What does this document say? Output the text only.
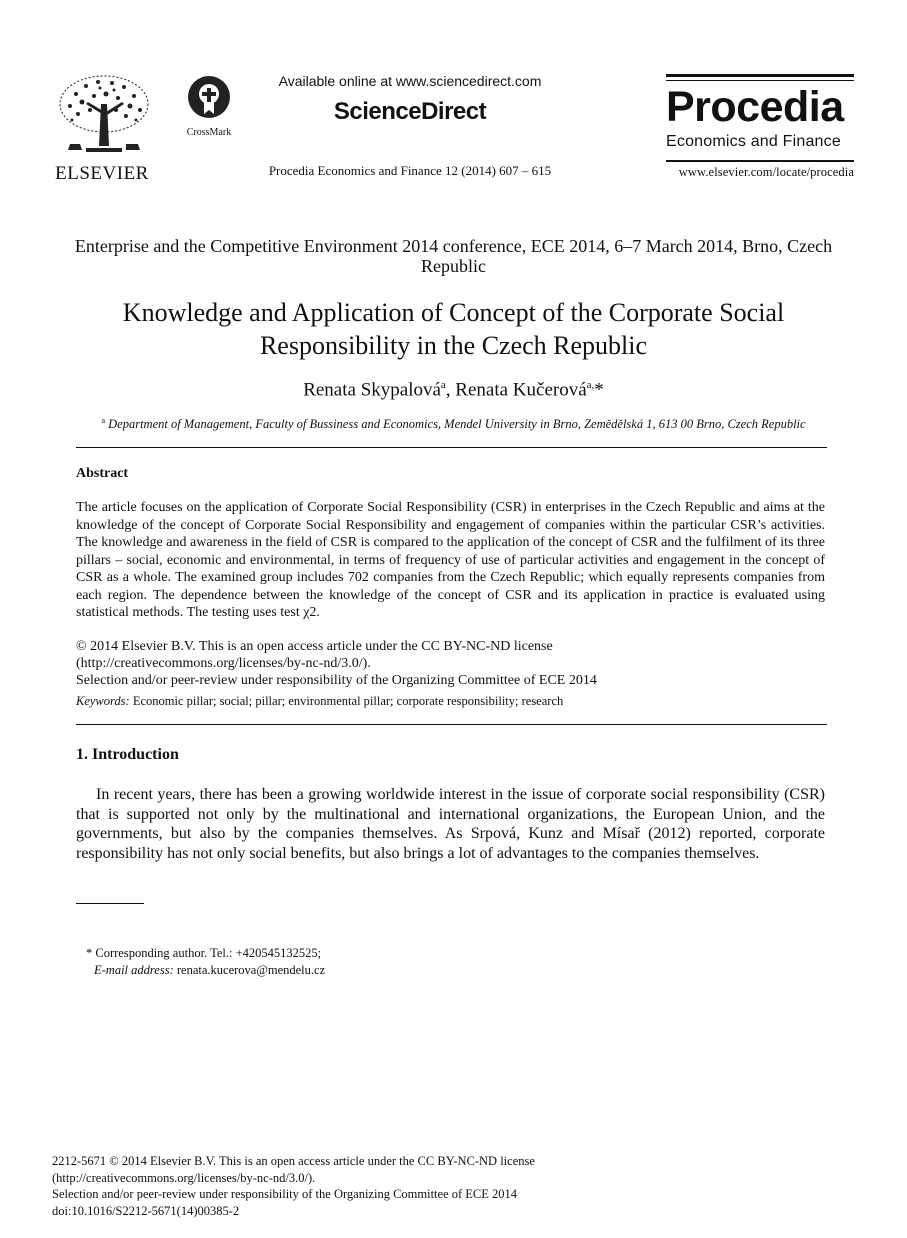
ELSEVIER
CrossMark
Available online at www.sciencedirect.com
ScienceDirect
Procedia Economics and Finance 12 (2014) 607 – 615
Procedia
Economics and Finance
www.elsevier.com/locate/procedia
Enterprise and the Competitive Environment 2014 conference, ECE 2014, 6–7 March 2014, Brno, Czech Republic
Knowledge and Application of Concept of the Corporate Social Responsibility in the Czech Republic
Renata Skypalová$^a$, Renata Kučerová$^{a,}$*
$^a$ Department of Management, Faculty of Bussiness and Economics, Mendel University in Brno, Zemědělská 1, 613 00 Brno, Czech Republic
Abstract
The article focuses on the application of Corporate Social Responsibility (CSR) in enterprises in the Czech Republic and aims at the knowledge of the concept of Corporate Social Responsibility and engagement of companies within the particular CSR’s activities. The knowledge and awareness in the field of CSR is compared to the application of the concept of CSR and the fulfilment of its three pillars – social, economic and environmental, in terms of frequency of use of particular activities and engagement in the concept of CSR as a whole. The examined group includes 702 companies from the Czech Republic; which equally represents companies from each region. The dependence between the knowledge of the concept of CSR and its application in practice is evaluated using statistical methods. The testing uses test χ2.
© 2014 Elsevier B.V. This is an open access article under the CC BY-NC-ND license
(http://creativecommons.org/licenses/by-nc-nd/3.0/).
Selection and/or peer-review under responsibility of the Organizing Committee of ECE 2014
Keywords: Economic pillar; social; pillar; environmental pillar; corporate responsibility; research
1. Introduction
In recent years, there has been a growing worldwide interest in the issue of corporate social responsibility (CSR) that is supported not only by the multinational and international organizations, the European Union, and the governments, but also by the companies themselves. As Srpová, Kunz and Mísař (2012) reported, corporate responsibility has not only social benefits, but also brings a lot of advantages to the companies themselves.
* Corresponding author. Tel.: +420545132525;
E-mail address: renata.kucerova@mendelu.cz
2212-5671 © 2014 Elsevier B.V. This is an open access article under the CC BY-NC-ND license
(http://creativecommons.org/licenses/by-nc-nd/3.0/).
Selection and/or peer-review under responsibility of the Organizing Committee of ECE 2014
doi:10.1016/S2212-5671(14)00385-2
